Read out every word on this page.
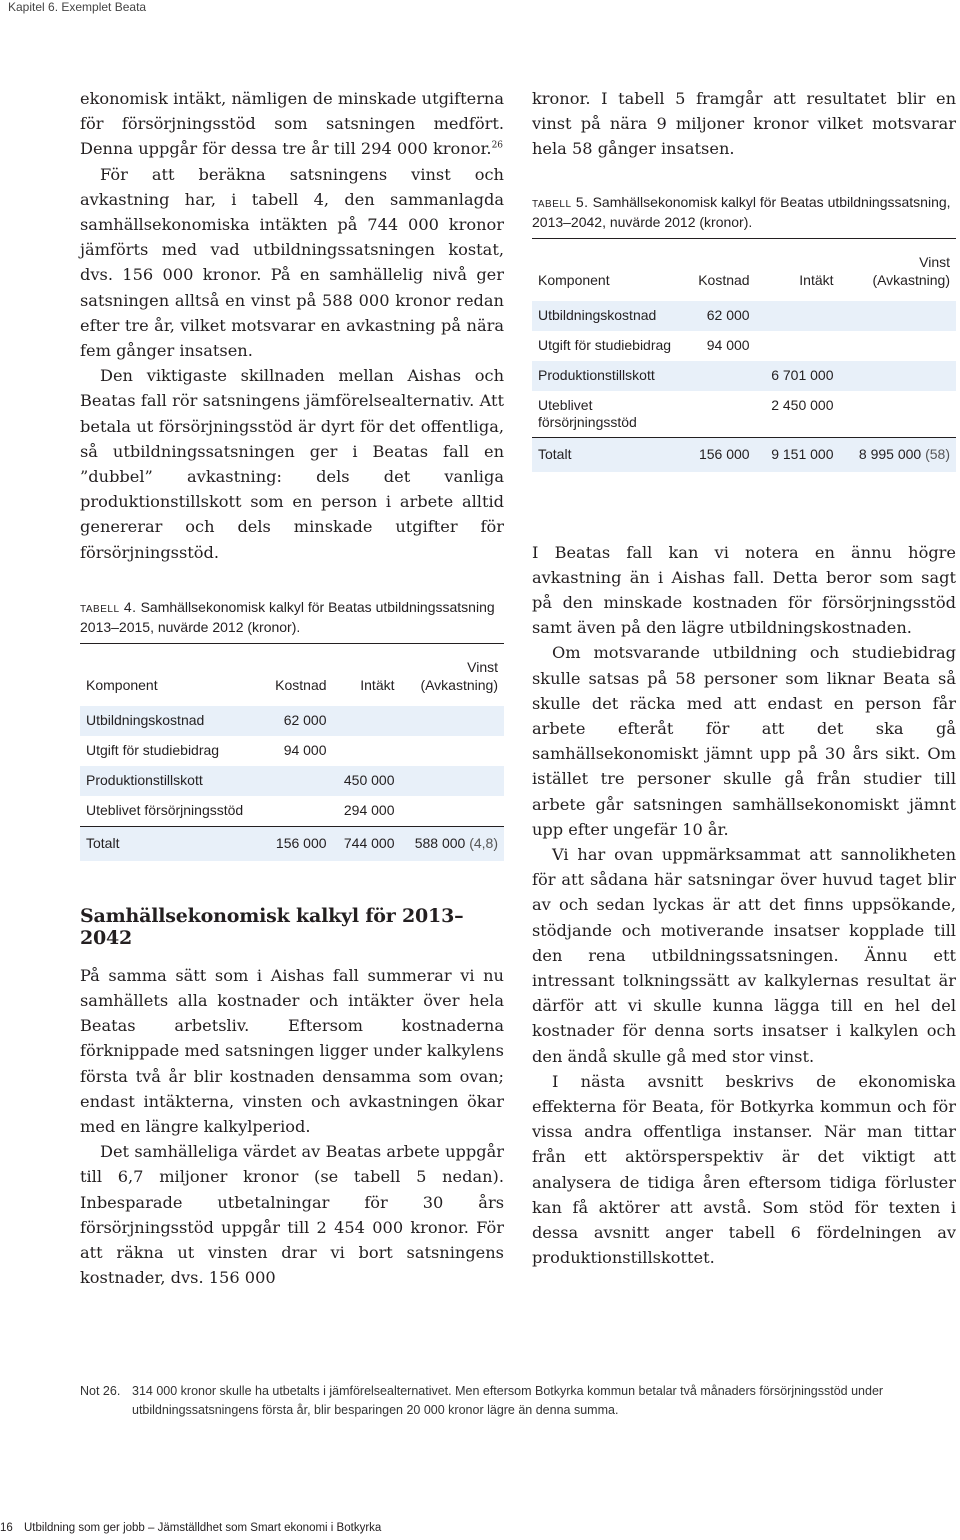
Kapitel 6. Exemplet Beata

ekonomisk intäkt, nämligen de minskade utgifterna för försörjningsstöd som satsningen medfört. Denna uppgår för dessa tre år till 294 000 kronor.$^{26}$

För att beräkna satsningens vinst och avkastning har, i tabell 4, den sammanlagda samhällsekonomiska intäkten på 744 000 kronor jämförts med vad utbildningssatsningen kostat, dvs. 156 000 kronor. På en samhällelig nivå ger satsningen alltså en vinst på 588 000 kronor redan efter tre år, vilket motsvarar en avkastning på nära fem gånger insatsen.

Den viktigaste skillnaden mellan Aishas och Beatas fall rör satsningens jämförelsealternativ. Att betala ut försörjningsstöd är dyrt för det offentliga, så utbildningssatsningen ger i Beatas fall en ”dubbel” avkastning: dels det vanliga produktionstillskott som en person i arbete alltid genererar och dels minskade utgifter för försörjningsstöd.

tabell 4. Samhällsekonomisk kalkyl för Beatas utbildningssatsning 2013–2015, nuvärde 2012 (kronor).
Komponent	Kostnad	Intäkt	Vinst
(Avkastning)
Utbildningskostnad	62 000		
Utgift för studiebidrag	94 000		
Produktionstillskott		450 000	
Uteblivet försörjningsstöd		294 000	
Totalt	156 000	744 000	588 000 (4,8)
Samhällsekonomisk kalkyl för 2013–2042

På samma sätt som i Aishas fall summerar vi nu samhällets alla kostnader och intäkter över hela Beatas arbetsliv. Eftersom kostnaderna förknippade med satsningen ligger under kalkylens första två år blir kostnaden densamma som ovan; endast intäkterna, vinsten och avkastningen ökar med en längre kalkylperiod.

Det samhälleliga värdet av Beatas arbete uppgår till 6,7 miljoner kronor (se tabell 5 nedan). Inbesparade utbetalningar för 30 års försörjningsstöd uppgår till 2 454 000 kronor. För att räkna ut vinsten drar vi bort satsningens kostnader, dvs. 156 000

kronor. I tabell 5 framgår att resultatet blir en vinst på nära 9 miljoner kronor vilket motsvarar hela 58 gånger insatsen.

tabell 5. Samhällsekonomisk kalkyl för Beatas utbildningssatsning, 2013–2042, nuvärde 2012 (kronor).
Komponent	Kostnad	Intäkt	Vinst
(Avkastning)
Utbildningskostnad	62 000		
Utgift för studiebidrag	94 000		
Produktionstillskott		6 701 000	
Uteblivet försörjningsstöd		2 450 000	
Totalt	156 000	9 151 000	8 995 000 (58)

I Beatas fall kan vi notera en ännu högre avkastning än i Aishas fall. Detta beror som sagt på den minskade kostnaden för försörjningsstöd samt även på den lägre utbildningskostnaden.

Om motsvarande utbildning och studiebidrag skulle satsas på 58 personer som liknar Beata så skulle det räcka med att endast en person får arbete efteråt för att det ska gå samhällsekonomiskt jämnt upp på 30 års sikt. Om istället tre personer skulle gå från studier till arbete går satsningen samhällsekonomiskt jämnt upp efter ungefär 10 år.

Vi har ovan uppmärksammat att sannolikheten för att sådana här satsningar över huvud taget blir av och sedan lyckas är att det finns uppsökande, stödjande och motiverande insatser kopplade till den rena utbildningssatsningen. Ännu ett intressant tolkningssätt av kalkylernas resultat är därför att vi skulle kunna lägga till en hel del kostnader för denna sorts insatser i kalkylen och den ändå skulle gå med stor vinst.

I nästa avsnitt beskrivs de ekonomiska effekterna för Beata, för Botkyrka kommun och för vissa andra offentliga instanser. När man tittar från ett aktörsperspektiv är det viktigt att analysera de tidiga åren eftersom tidiga förluster kan få aktörer att avstå. Som stöd för texten i dessa avsnitt anger tabell 6 fördelningen av produktionstillskottet.

Not 26. 314 000 kronor skulle ha utbetalts i jämförelsealternativet. Men eftersom Botkyrka kommun betalar två månaders försörjningsstöd under utbildningssatsningens första år, blir besparingen 20 000 kronor lägre än denna summa.
16 Utbildning som ger jobb – Jämställdhet som Smart ekonomi i Botkyrka
